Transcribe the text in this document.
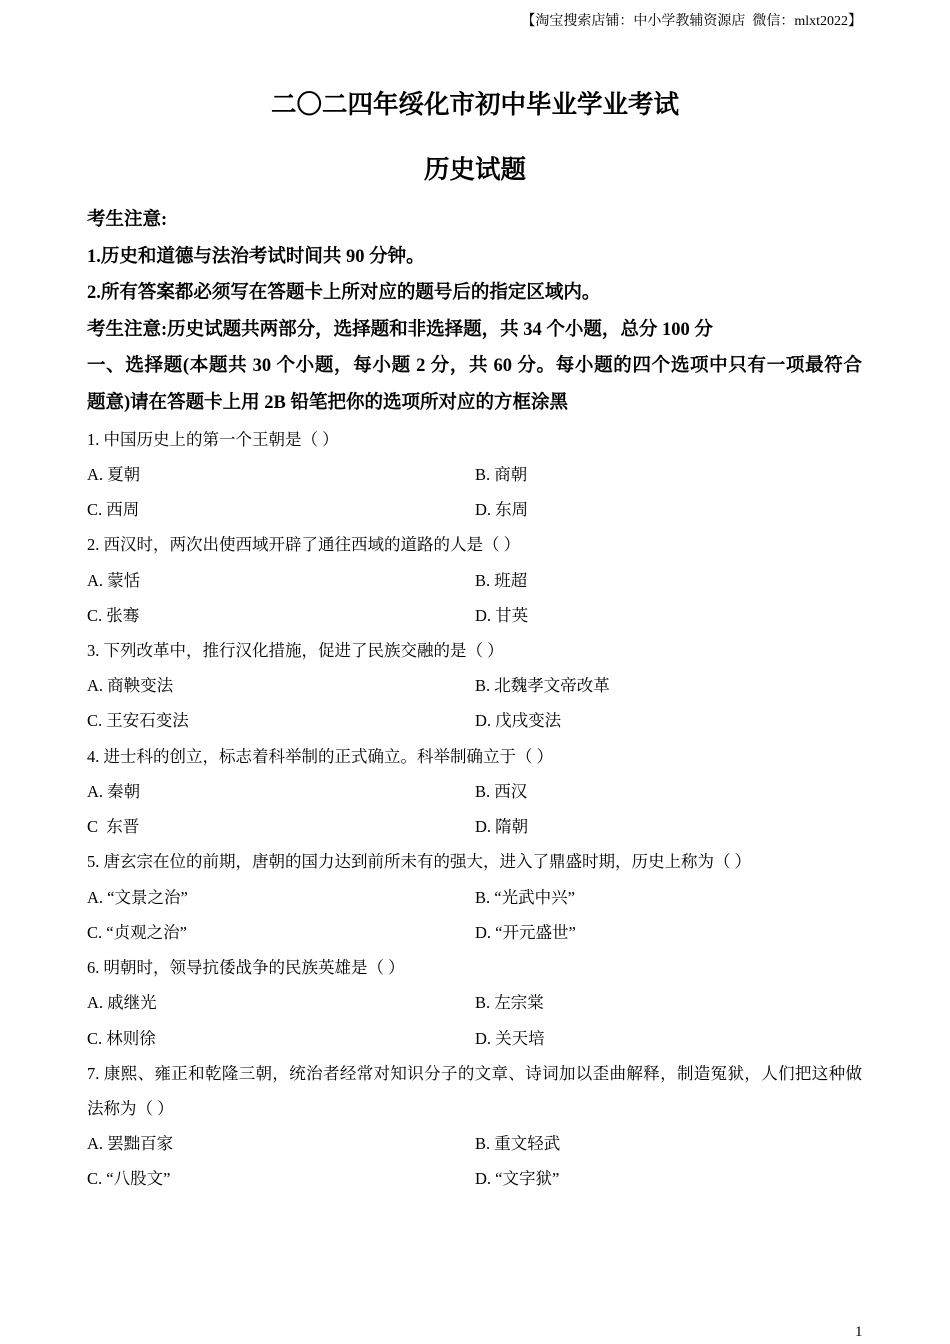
【淘宝搜索店铺：中小学教辅资源店  微信：mlxt2022】
二〇二四年绥化市初中毕业学业考试
历史试题
考生注意:
1.历史和道德与法治考试时间共 90 分钟。
2.所有答案都必须写在答题卡上所对应的题号后的指定区域内。
考生注意:历史试题共两部分，选择题和非选择题，共 34 个小题，总分 100 分
一、选择题(本题共 30 个小题，每小题 2 分，共 60 分。每小题的四个选项中只有一项最符合
题意)请在答题卡上用 2B 铅笔把你的选项所对应的方框涂黑
1. 中国历史上的第一个王朝是（ ）
A. 夏朝	B. 商朝
C. 西周	D. 东周
2. 西汉时，两次出使西域开辟了通往西域的道路的人是（ ）
A. 蒙恬	B. 班超
C. 张骞	D. 甘英
3. 下列改革中，推行汉化措施，促进了民族交融的是（ ）
A. 商鞅变法	B. 北魏孝文帝改革
C. 王安石变法	D. 戊戌变法
4. 进士科的创立，标志着科举制的正式确立。科举制确立于（ ）
A. 秦朝	B. 西汉
C  东晋	D. 隋朝
5. 唐玄宗在位的前期，唐朝的国力达到前所未有的强大，进入了鼎盛时期，历史上称为（ ）
A. “文景之治”	B. “光武中兴”
C. “贞观之治”	D. “开元盛世”
6. 明朝时，领导抗倭战争的民族英雄是（ ）
A. 戚继光	B. 左宗棠
C. 林则徐	D. 关天培
7. 康熙、雍正和乾隆三朝，统治者经常对知识分子的文章、诗词加以歪曲解释，制造冤狱，人们把这种做
法称为（ ）
A. 罢黜百家	B. 重文轻武
C. “八股文”	D. “文字狱”
1
